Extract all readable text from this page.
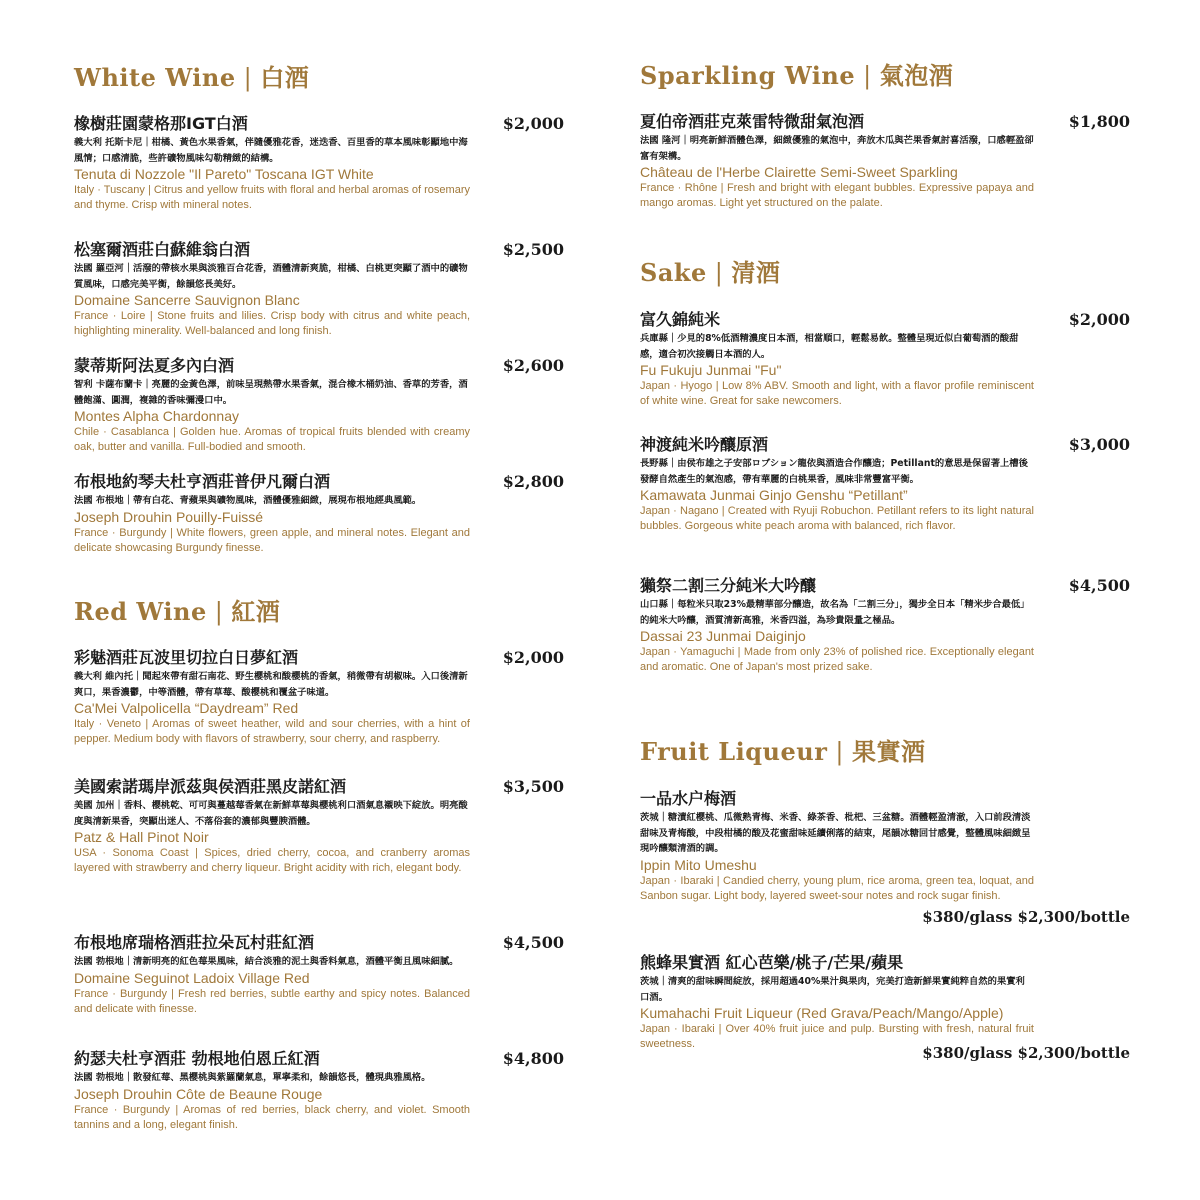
White Wine | 白酒
橡樹莊園蒙格那IGT白酒	$2,000
義大利 托斯卡尼｜柑橘、黃色水果香氣，伴隨優雅花香，迷迭香、百里香的草本風味彰顯地中海風情；口感清脆，些許礦物風味勾勒精緻的結構。
Tenuta di Nozzole "Il Pareto" Toscana IGT White
Italy · Tuscany | Citrus and yellow fruits with floral and herbal aromas of rosemary and thyme. Crisp with mineral notes.
松塞爾酒莊白蘇維翁白酒	$2,500
法國 羅亞河｜活潑的帶核水果與淡雅百合花香，酒體清新爽脆，柑橘、白桃更突顯了酒中的礦物質風味，口感完美平衡，餘韻悠長美好。
Domaine Sancerre Sauvignon Blanc
France · Loire | Stone fruits and lilies. Crisp body with citrus and white peach, highlighting minerality. Well-balanced and long finish.
蒙蒂斯阿法夏多內白酒	$2,600
智利 卡薩布蘭卡｜亮麗的金黃色澤，前味呈現熱帶水果香氣，混合橡木桶奶油、香草的芳香，酒體飽滿、圓潤，複雜的香味彌漫口中。
Montes Alpha Chardonnay
Chile · Casablanca | Golden hue. Aromas of tropical fruits blended with creamy oak, butter and vanilla. Full-bodied and smooth.
布根地約琴夫杜亨酒莊普伊凡爾白酒	$2,800
法國 布根地｜帶有白花、青蘋果與礦物風味，酒體優雅細緻，展現布根地經典風範。
Joseph Drouhin Pouilly-Fuissé
France · Burgundy | White flowers, green apple, and mineral notes. Elegant and delicate showcasing Burgundy finesse.
Red Wine | 紅酒
彩魅酒莊瓦波里切拉白日夢紅酒	$2,000
義大利 維內托｜聞起來帶有甜石南花、野生櫻桃和酸櫻桃的香氣，稍微帶有胡椒味。入口後清新爽口，果香濃鬱，中等酒體，帶有草莓、酸櫻桃和覆盆子味道。
Ca'Mei Valpolicella “Daydream” Red
Italy · Veneto | Aromas of sweet heather, wild and sour cherries, with a hint of pepper. Medium body with flavors of strawberry, sour cherry, and raspberry.
美國索諾瑪岸派茲與侯酒莊黑皮諾紅酒	$3,500
美國 加州｜香料、櫻桃乾、可可與蔓越莓香氣在新鮮草莓與櫻桃利口酒氣息襯映下綻放。明亮酸度與清新果香，突顯出迷人、不落俗套的濃郁與豐腴酒體。
Patz & Hall Pinot Noir
USA · Sonoma Coast | Spices, dried cherry, cocoa, and cranberry aromas layered with strawberry and cherry liqueur. Bright acidity with rich, elegant body.
布根地席瑞格酒莊拉朵瓦村莊紅酒	$4,500
法國 勃根地｜清新明亮的紅色莓果風味，結合淡雅的泥土與香料氣息，酒體平衡且風味細膩。
Domaine Seguinot Ladoix Village Red
France · Burgundy | Fresh red berries, subtle earthy and spicy notes. Balanced and delicate with finesse.
約瑟夫杜亨酒莊 勃根地伯恩丘紅酒	$4,800
法國 勃根地｜散發紅莓、黑櫻桃與紫羅蘭氣息，單寧柔和，餘韻悠長，體現典雅風格。
Joseph Drouhin Côte de Beaune Rouge
France · Burgundy | Aromas of red berries, black cherry, and violet. Smooth tannins and a long, elegant finish.
Sparkling Wine | 氣泡酒
夏伯帝酒莊克萊雷特微甜氣泡酒	$1,800
法國 隆河｜明亮新鮮酒體色澤，細緻優雅的氣泡中，奔放木瓜與芒果香氣討喜活潑，口感輕盈卻富有架構。
Château de l'Herbe Clairette Semi-Sweet Sparkling
France · Rhône | Fresh and bright with elegant bubbles. Expressive papaya and mango aromas. Light yet structured on the palate.
Sake | 清酒
富久錦純米	$2,000
兵庫縣｜少見的8%低酒精濃度日本酒，相當順口，輕鬆易飲。整體呈現近似白葡萄酒的酸甜感，適合初次接觸日本酒的人。
Fu Fukuju Junmai "Fu"
Japan · Hyogo | Low 8% ABV. Smooth and light, with a flavor profile reminiscent of white wine. Great for sake newcomers.
神渡純米吟釀原酒	$3,000
長野縣｜由侯布雄之子安部ロブション龍依與酒造合作釀造；Petillant的意思是保留著上槽後發酵自然產生的氣泡感，帶有華麗的白桃果香，風味非常豐富平衡。
Kamawata Junmai Ginjo Genshu “Petillant”
Japan · Nagano | Created with Ryuji Robuchon. Petillant refers to its light natural bubbles. Gorgeous white peach aroma with balanced, rich flavor.
獺祭二割三分純米大吟釀	$4,500
山口縣｜每粒米只取23%最精華部分釀造，故名為「二割三分」，獨步全日本「精米步合最低」的純米大吟釀，酒質清新高雅，米香四溢，為珍貴限量之極品。
Dassai 23 Junmai Daiginjo
Japan · Yamaguchi | Made from only 23% of polished rice. Exceptionally elegant and aromatic. One of Japan's most prized sake.
Fruit Liqueur | 果實酒
一品水户梅酒
茨城｜糖漬紅櫻桃、瓜微熟青梅、米香、綠茶香、枇杷、三盆糖。酒體輕盈清澈，入口前段清淡甜味及青梅酸，中段柑橘的酸及花蜜甜味延續俐落的結束，尾韻冰糖回甘感覺，整體風味細緻呈現吟釀類清酒的調。
Ippin Mito Umeshu
Japan · Ibaraki | Candied cherry, young plum, rice aroma, green tea, loquat, and Sanbon sugar. Light body, layered sweet-sour notes and rock sugar finish.
$380/glass $2,300/bottle
熊蜂果實酒 紅心芭樂/桃子/芒果/蘋果
茨城｜清爽的甜味瞬間綻放，採用超過40%果汁與果肉，完美打造新鮮果實純粹自然的果實利口酒。
Kumahachi Fruit Liqueur (Red Grava/Peach/Mango/Apple)
Japan · Ibaraki | Over 40% fruit juice and pulp. Bursting with fresh, natural fruit sweetness.	$380/glass $2,300/bottle
